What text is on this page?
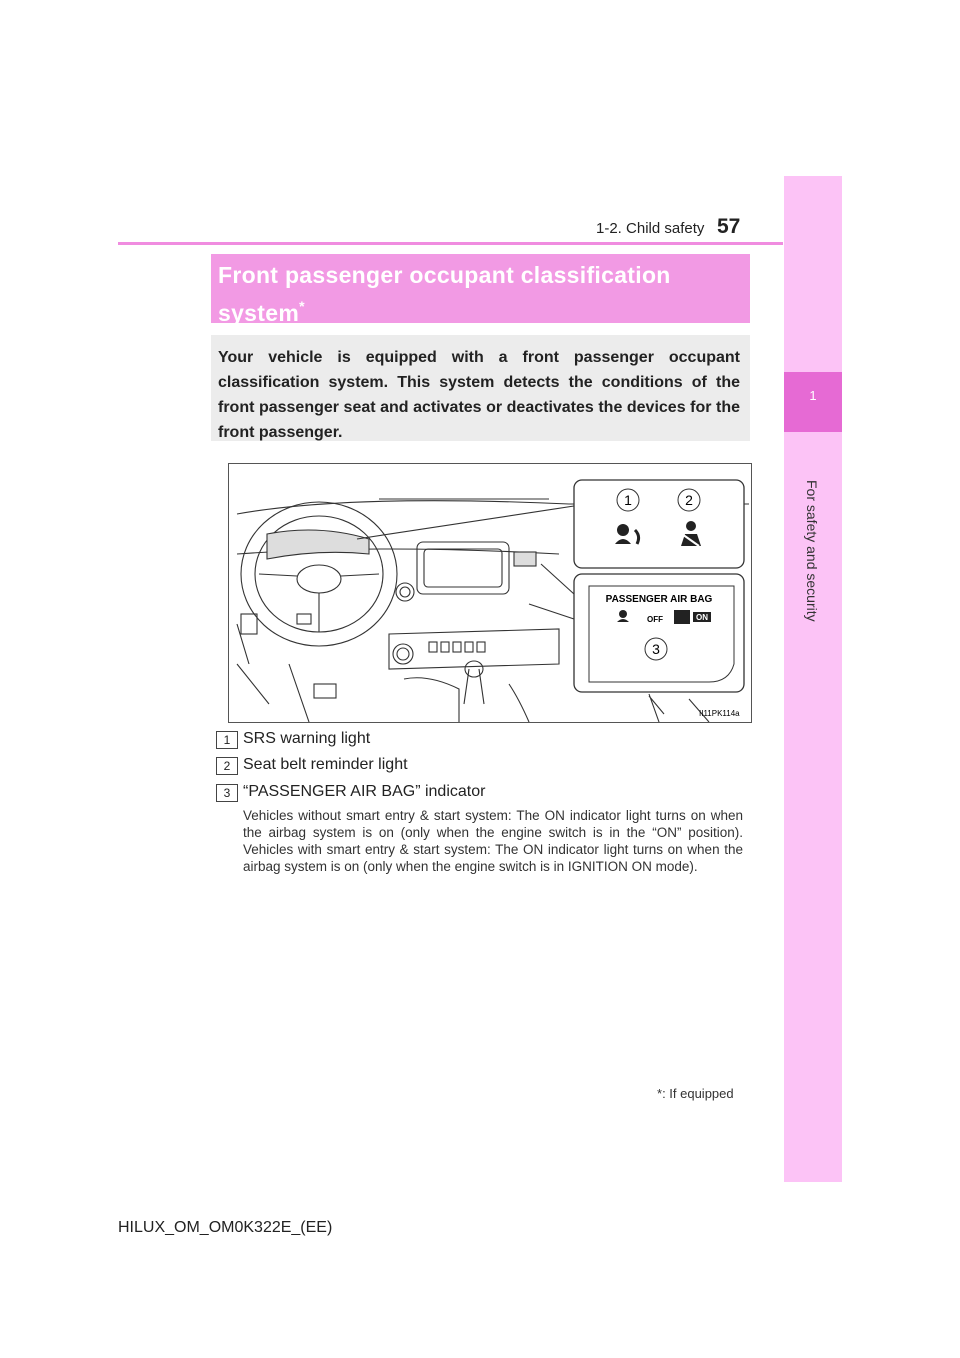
1
For safety and security
1-2. Child safety 57
Front passenger occupant classification system*
Your vehicle is equipped with a front passenger occupant classification system. This system detects the conditions of the front passenger seat and activates or deactivates the devices for the front passenger.
1	2
PASSENGER AIR BAG
OFF	ON
3
II11PK114a
1 SRS warning light
2 Seat belt reminder light
3 “PASSENGER AIR BAG” indicator
Vehicles without smart entry & start system: The ON indicator light turns on when the airbag system is on (only when the engine switch is in the “ON” position). Vehicles with smart entry & start system: The ON indicator light turns on when the airbag system is on (only when the engine switch is in IGNITION ON mode).
*: If equipped
HILUX_OM_OM0K322E_(EE)
